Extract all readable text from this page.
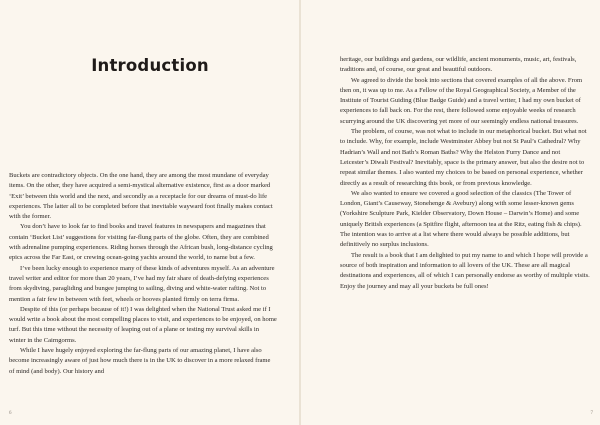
Introduction

Buckets are contradictory objects. On the one hand, they are among the most mundane of everyday items. On the other, they have acquired a semi-mystical alternative existence, first as a door marked ‘Exit’ between this world and the next, and secondly as a receptacle for our dreams of must-do life experiences. The latter all to be completed before that inevitable wayward foot finally makes contact with the former.

You don’t have to look far to find books and travel features in newspapers and magazines that contain ‘Bucket List’ suggestions for visiting far-flung parts of the globe. Often, they are combined with adrenaline pumping experiences. Riding horses through the African bush, long-distance cycling epics across the Far East, or crewing ocean-going yachts around the world, to name but a few.

I’ve been lucky enough to experience many of these kinds of adventures myself. As an adventure travel writer and editor for more than 20 years, I’ve had my fair share of death-defying experiences from skydiving, paragliding and bungee jumping to sailing, diving and white-water rafting. Not to mention a fair few in between with feet, wheels or hooves planted firmly on terra firma.

Despite of this (or perhaps because of it!) I was delighted when the National Trust asked me if I would write a book about the most compelling places to visit, and experiences to be enjoyed, on home turf. But this time without the necessity of leaping out of a plane or testing my survival skills in winter in the Cairngorms.

While I have hugely enjoyed exploring the far-flung parts of our amazing planet, I have also become increasingly aware of just how much there is in the UK to discover in a more relaxed frame of mind (and body). Our history and

6

heritage, our buildings and gardens, our wildlife, ancient monuments, music, art, festivals, traditions and, of course, our great and beautiful outdoors.

We agreed to divide the book into sections that covered examples of all the above. From then on, it was up to me. As a Fellow of the Royal Geographical Society, a Member of the Institute of Tourist Guiding (Blue Badge Guide) and a travel writer, I had my own bucket of experiences to fall back on. For the rest, there followed some enjoyable weeks of research scurrying around the UK discovering yet more of our seemingly endless national treasures.

The problem, of course, was not what to include in our metaphorical bucket. But what not to include. Why, for example, include Westminster Abbey but not St Paul’s Cathedral? Why Hadrian’s Wall and not Bath’s Roman Baths? Why the Helston Furry Dance and not Leicester’s Diwali Festival? Inevitably, space is the primary answer, but also the desire not to repeat similar themes. I also wanted my choices to be based on personal experience, whether directly as a result of researching this book, or from previous knowledge.

We also wanted to ensure we covered a good selection of the classics (The Tower of London, Giant’s Causeway, Stonehenge & Avebury) along with some lesser-known gems (Yorkshire Sculpture Park, Kielder Observatory, Down House – Darwin’s Home) and some uniquely British experiences (a Spitfire flight, afternoon tea at the Ritz, eating fish & chips). The intention was to arrive at a list where there would always be possible additions, but definitively no surplus inclusions.

The result is a book that I am delighted to put my name to and which I hope will provide a source of both inspiration and information to all lovers of the UK. These are all magical destinations and experiences, all of which I can personally endorse as worthy of multiple visits. Enjoy the journey and may all your buckets be full ones!

7
